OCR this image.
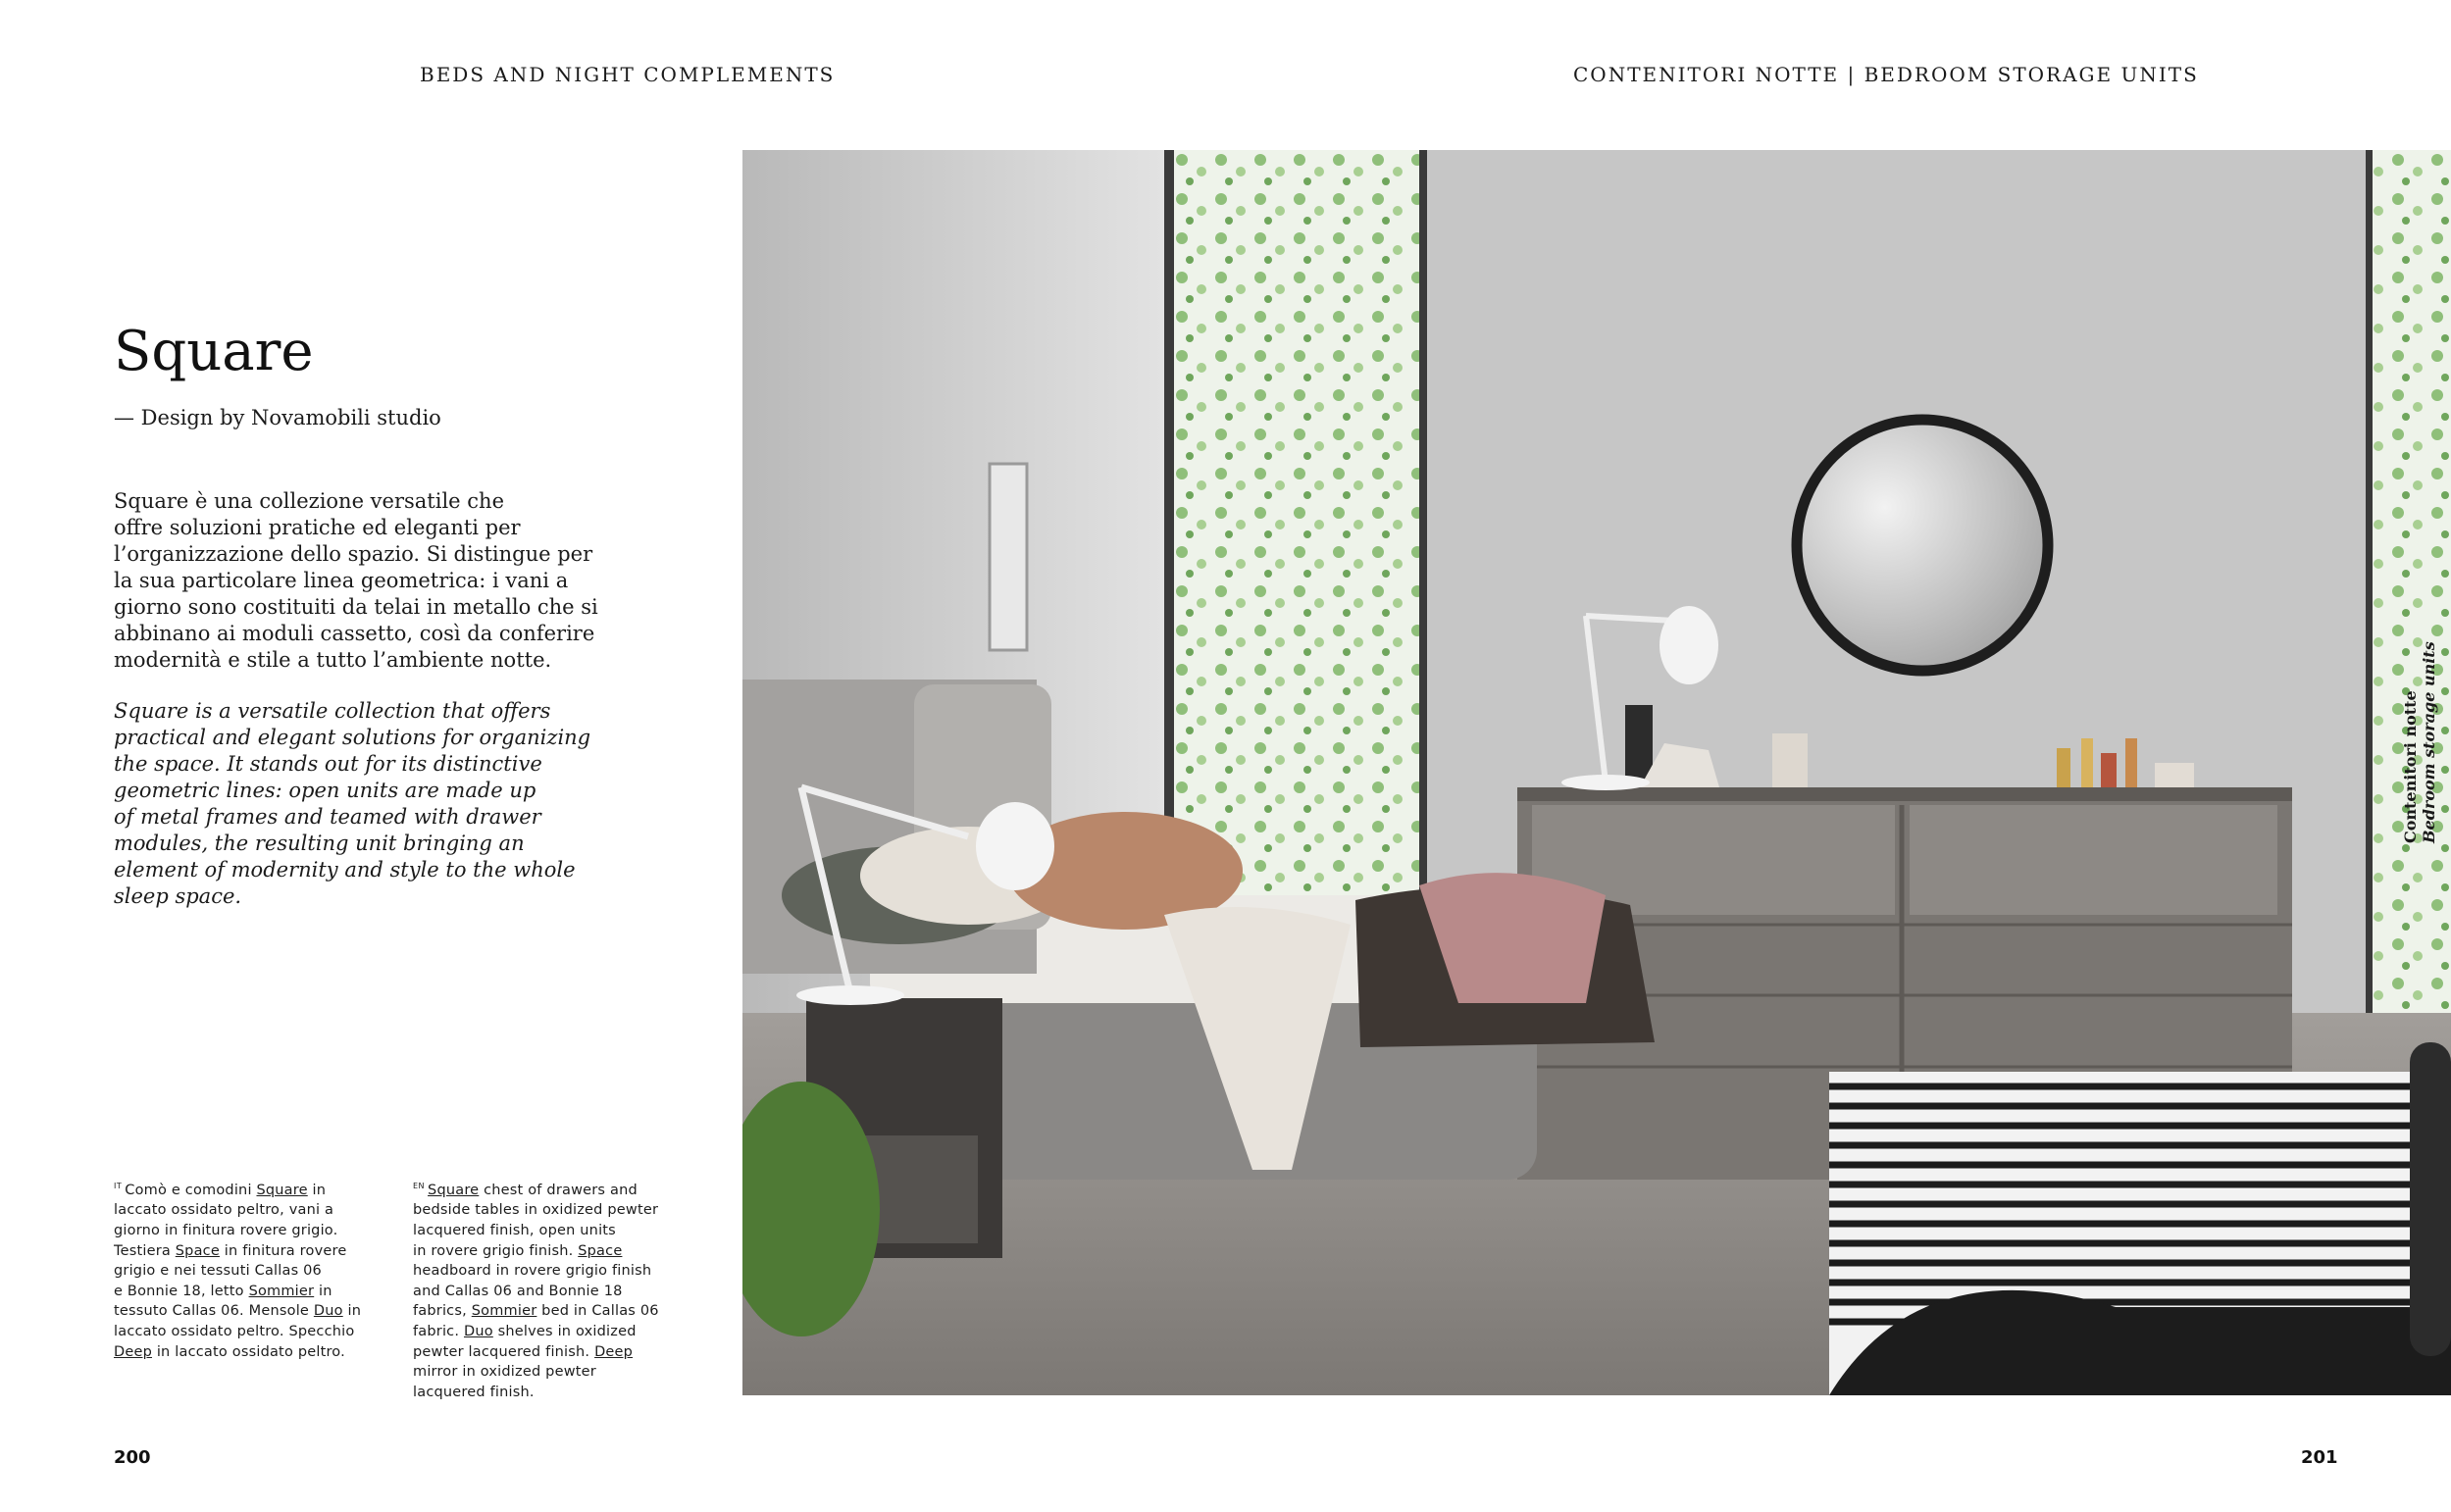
BEDS AND NIGHT COMPLEMENTS	CONTENITORI NOTTE | BEDROOM STORAGE UNITS
Square
— Design by Novamobili studio
Square è una collezione versatile che
offre soluzioni pratiche ed eleganti per
l’organizzazione dello spazio. Si distingue per
la sua particolare linea geometrica: i vani a
giorno sono costituiti da telai in metallo che si
abbinano ai moduli cassetto, così da conferire
modernità e stile a tutto l’ambiente notte.

Square is a versatile collection that offers
practical and elegant solutions for organizing
the space. It stands out for its distinctive
geometric lines: open units are made up
of metal frames and teamed with drawer
modules, the resulting unit bringing an
element of modernity and style to the whole
sleep space.

$^{IT}$ Comò e comodini Square in
laccato ossidato peltro, vani a
giorno in finitura rovere grigio.
Testiera Space in finitura rovere
grigio e nei tessuti Callas 06
e Bonnie 18, letto Sommier in
tessuto Callas 06. Mensole Duo in
laccato ossidato peltro. Specchio
Deep in laccato ossidato peltro.

$^{EN}$ Square chest of drawers and
bedside tables in oxidized pewter
lacquered finish, open units
in rovere grigio finish. Space
headboard in rovere grigio finish
and Callas 06 and Bonnie 18
fabrics, Sommier bed in Callas 06
fabric. Duo shelves in oxidized
pewter lacquered finish. Deep
mirror in oxidized pewter
lacquered finish.

200	201
Contenitori notte Bedroom storage units
